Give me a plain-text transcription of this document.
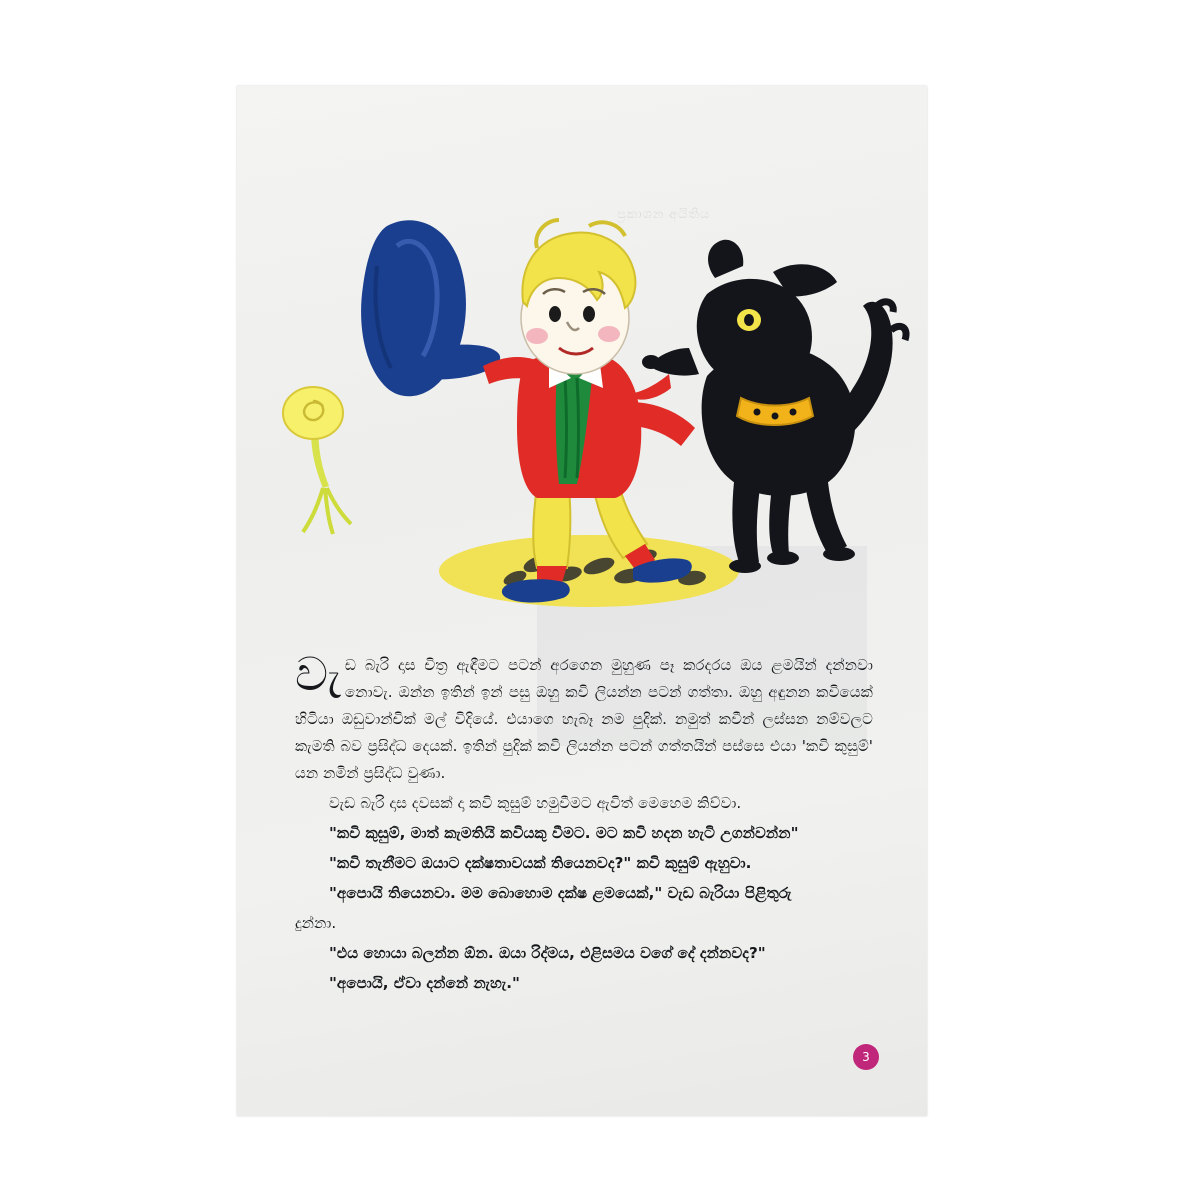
ප්‍රකාශන අයිතිය

වැඩ බැරි දාස චිත්‍ර ඇඳීමට පටන් අරගෙන මුහුණ පෑ කරදරය ඔය ළමයින් දන්නවා නොවැ. ඔන්න ඉතින් ඉන් පසු ඔහු කවි ලියන්න පටන් ගත්තා. ඔහු අඳුනන කවියෙක් හිටියා ඔඩුවාන්චික් මල් විදියේ. එයාගෙ හැබෑ නම පුදික්. නමුත් කවීන් ලස්සන නම්වලට කැමති බව ප්‍රසිද්ධ දෙයක්. ඉතින් පුදික් කවි ලියන්න පටන් ගත්තයින් පස්සෙ එයා 'කවි කුසුම්' යන නමින් ප්‍රසිද්ධ වුණා.

වැඩ බැරි දාස දවසක් දා කවි කුසුම් හමුවීමට ඇවිත් මෙහෙම කිව්වා.

"කවි කුසුම්, මාත් කැමතියි කවියකු වීමට. මට කවි හදන හැටි උගන්වන්න"

"කවි තැනීමට ඔයාට දක්ෂතාවයක් තියෙනවද?" කවි කුසුම් ඇහුවා.

"අපොයි තියෙනවා. මම බොහොම දක්ෂ ළමයෙක්," වැඩ බැරියා පිළිතුරු

දුන්නා.

"එය හොයා බලන්න ඕන. ඔයා රිද්මය, එළිසමය වගේ දේ දන්නවද?"

"අපොයි, ඒවා දන්නේ නැහැ."

3
